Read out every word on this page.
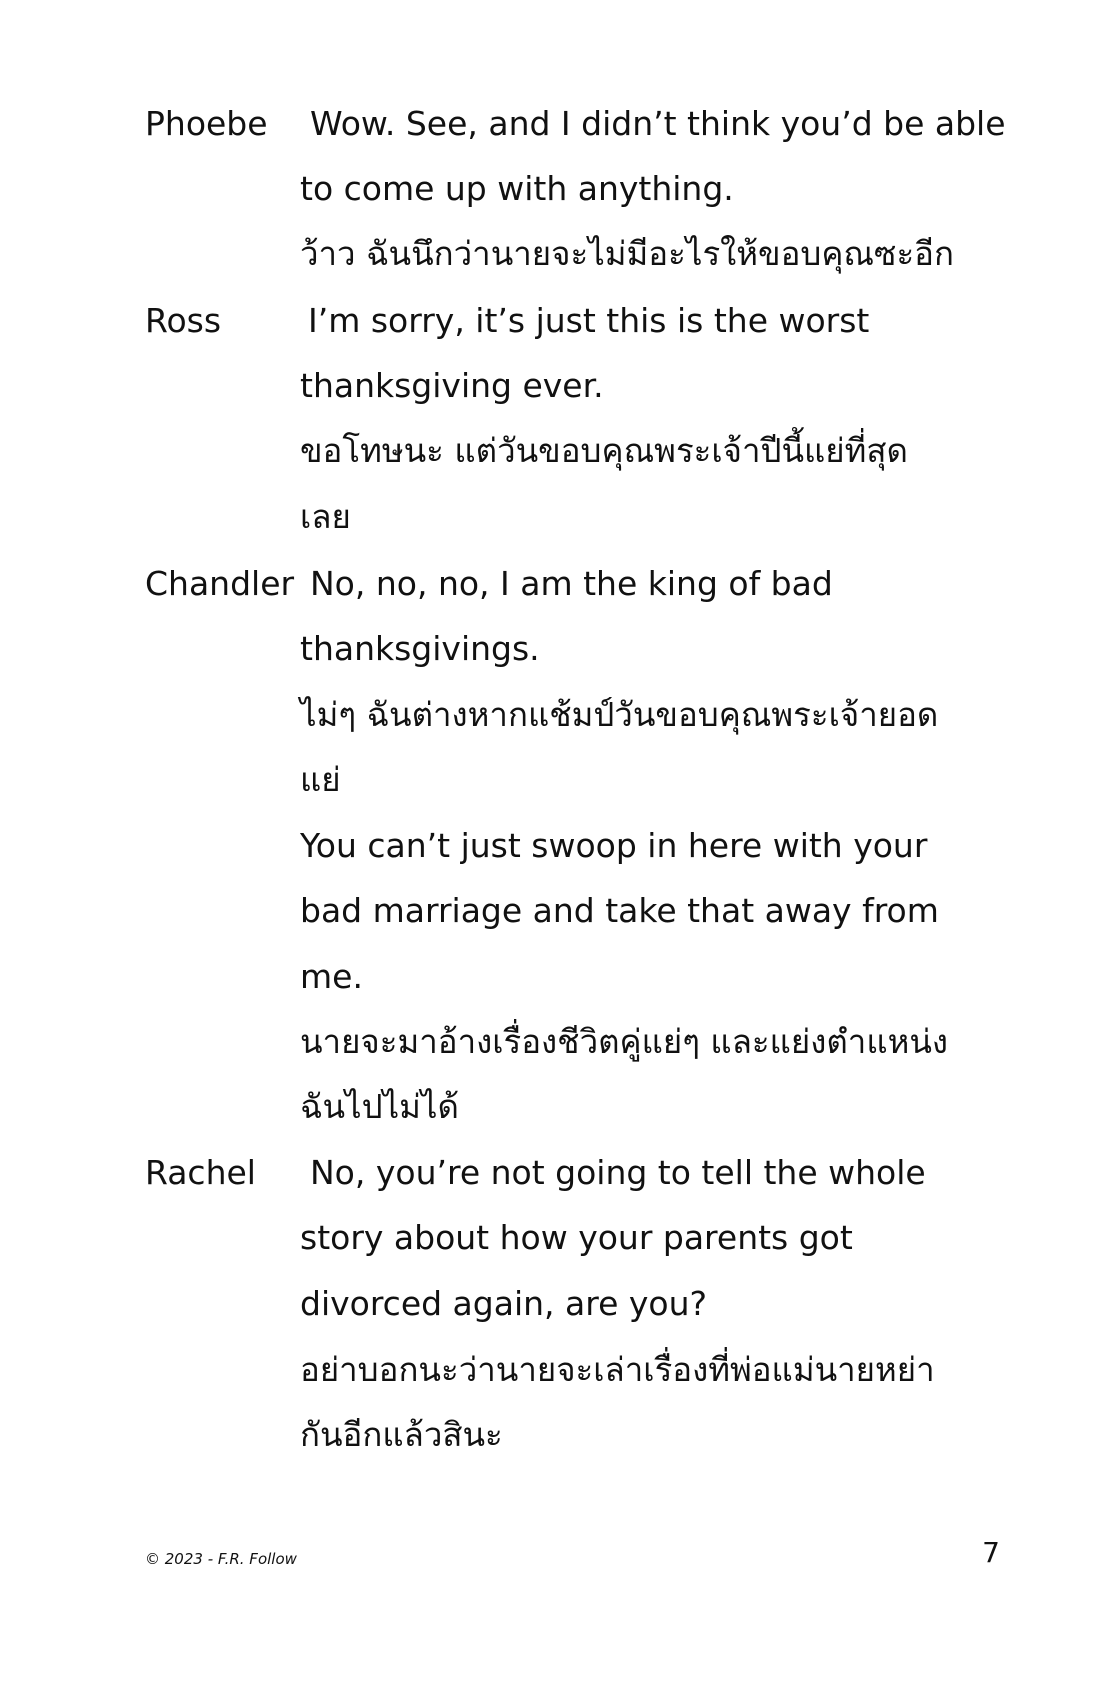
Phoebe Wow. See, and I didn’t think you’d be able
to come up with anything.
ว้าว ฉันนึกว่านายจะไม่มีอะไรให้ขอบคุณซะอีก
Ross	I’m sorry, it’s just this is the worst
thanksgiving ever.
ขอโทษนะ แต่วันขอบคุณพระเจ้าปีนี้แย่ที่สุด
เลย
Chandler No, no, no, I am the king of bad
thanksgivings.
ไม่ๆ ฉันต่างหากแช้มป์วันขอบคุณพระเจ้ายอด
แย่
You can’t just swoop in here with your
bad marriage and take that away from
me.
นายจะมาอ้างเรื่องชีวิตคู่แย่ๆ และแย่งตำแหน่ง
ฉันไปไม่ได้
Rachel No, you’re not going to tell the whole
story about how your parents got
divorced again, are you?
อย่าบอกนะว่านายจะเล่าเรื่องที่พ่อแม่นายหย่า
กันอีกแล้วสินะ
© 2023 - F.R. Follow	7
